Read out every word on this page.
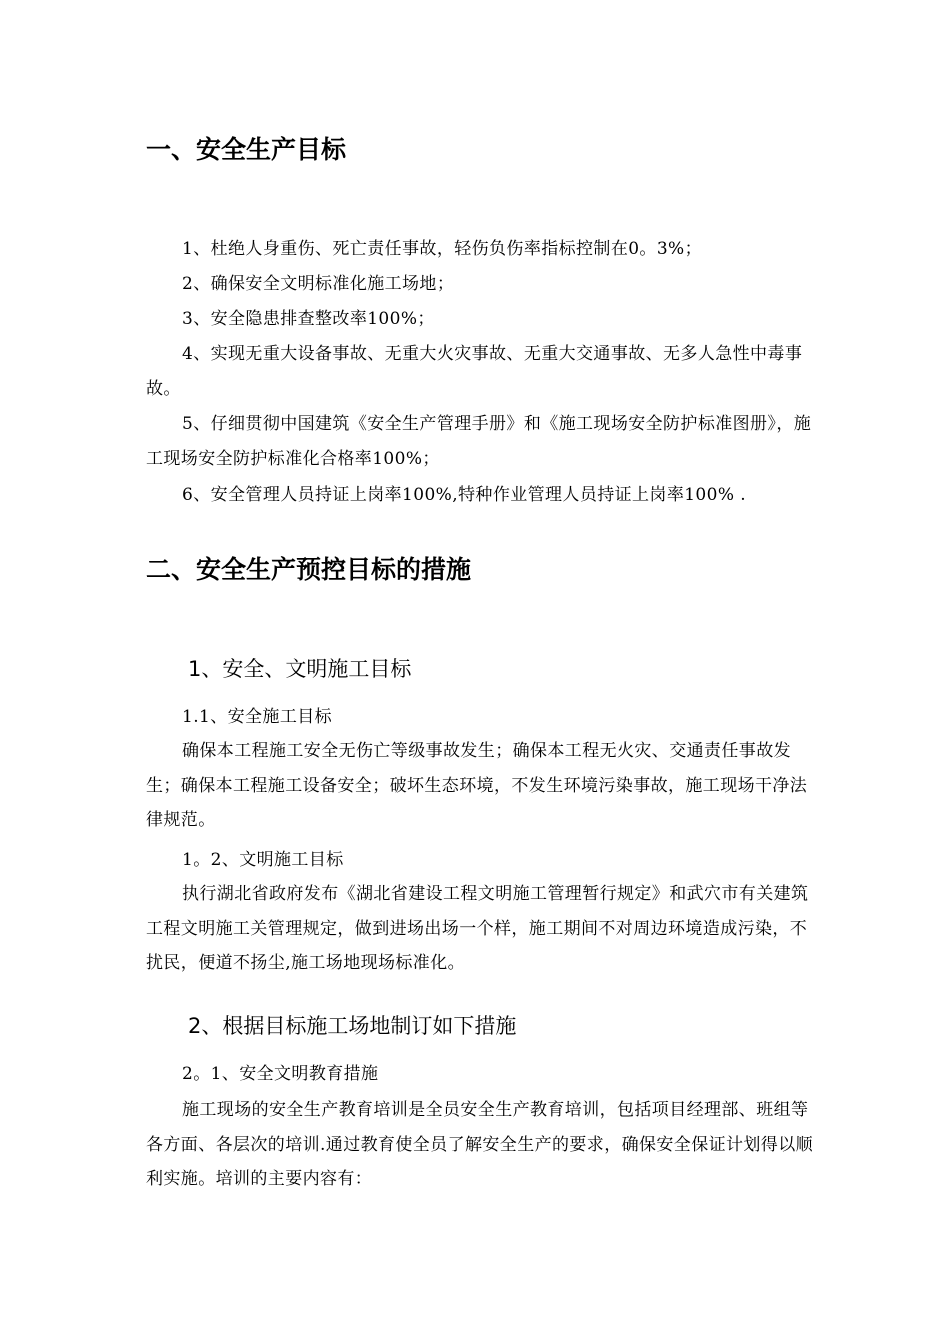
一、安全生产目标
1、杜绝人身重伤、死亡责任事故，轻伤负伤率指标控制在0。3%；
2、确保安全文明标准化施工场地；
3、安全隐患排查整改率100%；
4、实现无重大设备事故、无重大火灾事故、无重大交通事故、无多人急性中毒事故。
5、仔细贯彻中国建筑《安全生产管理手册》和《施工现场安全防护标准图册》，施工现场安全防护标准化合格率100%；
6、安全管理人员持证上岗率100%,特种作业管理人员持证上岗率100% .
二、安全生产预控目标的措施
1、安全、文明施工目标
1.1、安全施工目标
确保本工程施工安全无伤亡等级事故发生；确保本工程无火灾、交通责任事故发生；确保本工程施工设备安全；破坏生态环境，不发生环境污染事故，施工现场干净法律规范。
1。2、文明施工目标
执行湖北省政府发布《湖北省建设工程文明施工管理暂行规定》和武穴市有关建筑工程文明施工关管理规定，做到进场出场一个样，施工期间不对周边环境造成污染，不扰民，便道不扬尘,施工场地现场标准化。
2、根据目标施工场地制订如下措施
2。1、安全文明教育措施
施工现场的安全生产教育培训是全员安全生产教育培训，包括项目经理部、班组等各方面、各层次的培训.通过教育使全员了解安全生产的要求，确保安全保证计划得以顺利实施。培训的主要内容有：
